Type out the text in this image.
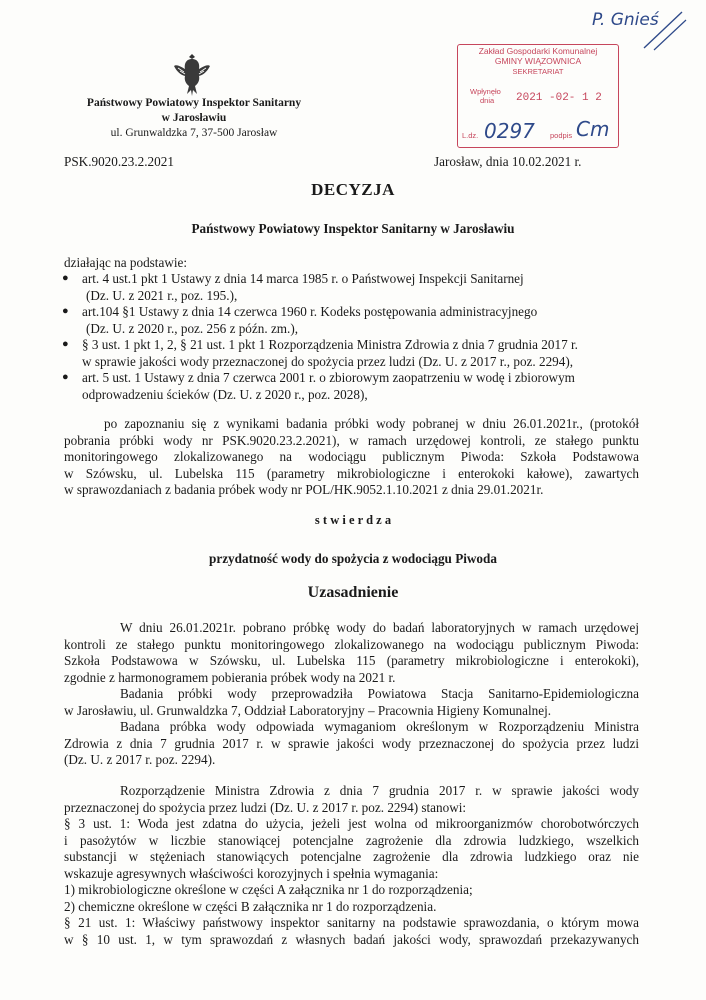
P. Gnieś
Państwowy Powiatowy Inspektor Sanitarny
w Jarosławiu
ul. Grunwaldzka 7, 37-500 Jarosław
Zakład Gospodarki Komunalnej
GMINY WIĄZOWNICA
SEKRETARIAT
Wpłynęło
dnia	2021 -02- 1 2
L.dz. 0297 podpis Cm
PSK.9020.23.2.2021	Jarosław, dnia 10.02.2021 r.
DECYZJA
Państwowy Powiatowy Inspektor Sanitarny w Jarosławiu
działając na podstawie:
● art. 4 ust.1 pkt 1 Ustawy z dnia 14 marca 1985 r. o Państwowej Inspekcji Sanitarnej
(Dz. U. z 2021 r., poz. 195.),
● art.104 §1 Ustawy z dnia 14 czerwca 1960 r. Kodeks postępowania administracyjnego
(Dz. U. z 2020 r., poz. 256 z późn. zm.),
● § 3 ust. 1 pkt 1, 2, § 21 ust. 1 pkt 1 Rozporządzenia Ministra Zdrowia z dnia 7 grudnia 2017 r.
w sprawie jakości wody przeznaczonej do spożycia przez ludzi (Dz. U. z 2017 r., poz. 2294),
● art. 5 ust. 1 Ustawy z dnia 7 czerwca 2001 r. o zbiorowym zaopatrzeniu w wodę i zbiorowym
odprowadzeniu ścieków (Dz. U. z 2020 r., poz. 2028),
po zapoznaniu się z wynikami badania próbki wody pobranej w dniu 26.01.2021r., (protokół
pobrania próbki wody nr PSK.9020.23.2.2021), w ramach urzędowej kontroli, ze stałego punktu
monitoringowego zlokalizowanego na wodociągu publicznym Piwoda: Szkoła Podstawowa
w Szówsku, ul. Lubelska 115 (parametry mikrobiologiczne i enterokoki kałowe), zawartych
w sprawozdaniach z badania próbek wody nr POL/HK.9052.1.10.2021 z dnia 29.01.2021r.
s t w i e r d z a
przydatność wody do spożycia z wodociągu Piwoda
Uzasadnienie
W dniu 26.01.2021r. pobrano próbkę wody do badań laboratoryjnych w ramach urzędowej
kontroli ze stałego punktu monitoringowego zlokalizowanego na wodociągu publicznym Piwoda:
Szkoła Podstawowa w Szówsku, ul. Lubelska 115 (parametry mikrobiologiczne i enterokoki),
zgodnie z harmonogramem pobierania próbek wody na 2021 r.
Badania próbki wody przeprowadziła Powiatowa Stacja Sanitarno-Epidemiologiczna
w Jarosławiu, ul. Grunwaldzka 7, Oddział Laboratoryjny – Pracownia Higieny Komunalnej.
Badana próbka wody odpowiada wymaganiom określonym w Rozporządzeniu Ministra
Zdrowia z dnia 7 grudnia 2017 r. w sprawie jakości wody przeznaczonej do spożycia przez ludzi
(Dz. U. z 2017 r. poz. 2294).
Rozporządzenie Ministra Zdrowia z dnia 7 grudnia 2017 r. w sprawie jakości wody
przeznaczonej do spożycia przez ludzi (Dz. U. z 2017 r. poz. 2294) stanowi:
§ 3 ust. 1: Woda jest zdatna do użycia, jeżeli jest wolna od mikroorganizmów chorobotwórczych
i pasożytów w liczbie stanowiącej potencjalne zagrożenie dla zdrowia ludzkiego, wszelkich
substancji w stężeniach stanowiących potencjalne zagrożenie dla zdrowia ludzkiego oraz nie
wskazuje agresywnych właściwości korozyjnych i spełnia wymagania:
1) mikrobiologiczne określone w części A załącznika nr 1 do rozporządzenia;
2) chemiczne określone w części B załącznika nr 1 do rozporządzenia.
§ 21 ust. 1: Właściwy państwowy inspektor sanitarny na podstawie sprawozdania, o którym mowa
w § 10 ust. 1, w tym sprawozdań z własnych badań jakości wody, sprawozdań przekazywanych
